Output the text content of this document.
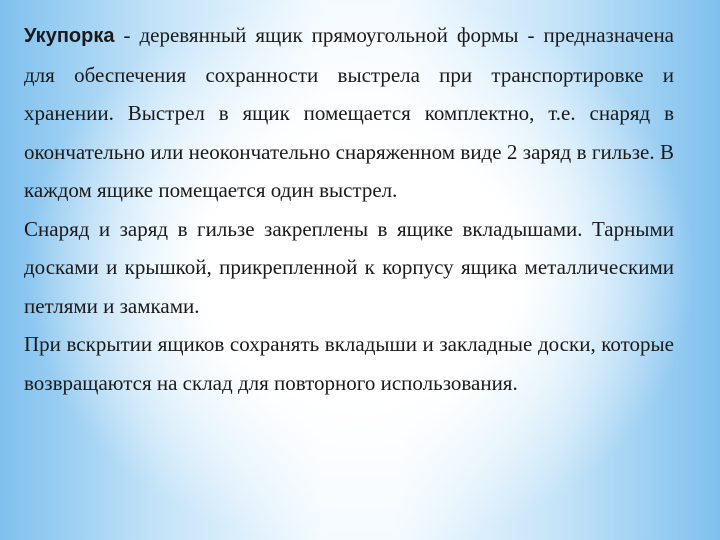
Укупорка - деревянный ящик прямоугольной формы - предназначена для обеспечения сохранности выстрела при транспортировке и хранении. Выстрел в ящик помещается комплектно, т.е. снаряд в окончательно или неокончательно снаряженном виде 2 заряд в гильзе. В каждом ящике помещается один выстрел.

Снаряд и заряд в гильзе закреплены в ящике вкладышами. Тарными досками и крышкой, прикрепленной к корпусу ящика металлическими петлями и замками.

При вскрытии ящиков сохранять вкладыши и закладные доски, которые возвращаются на склад для повторного использования.
